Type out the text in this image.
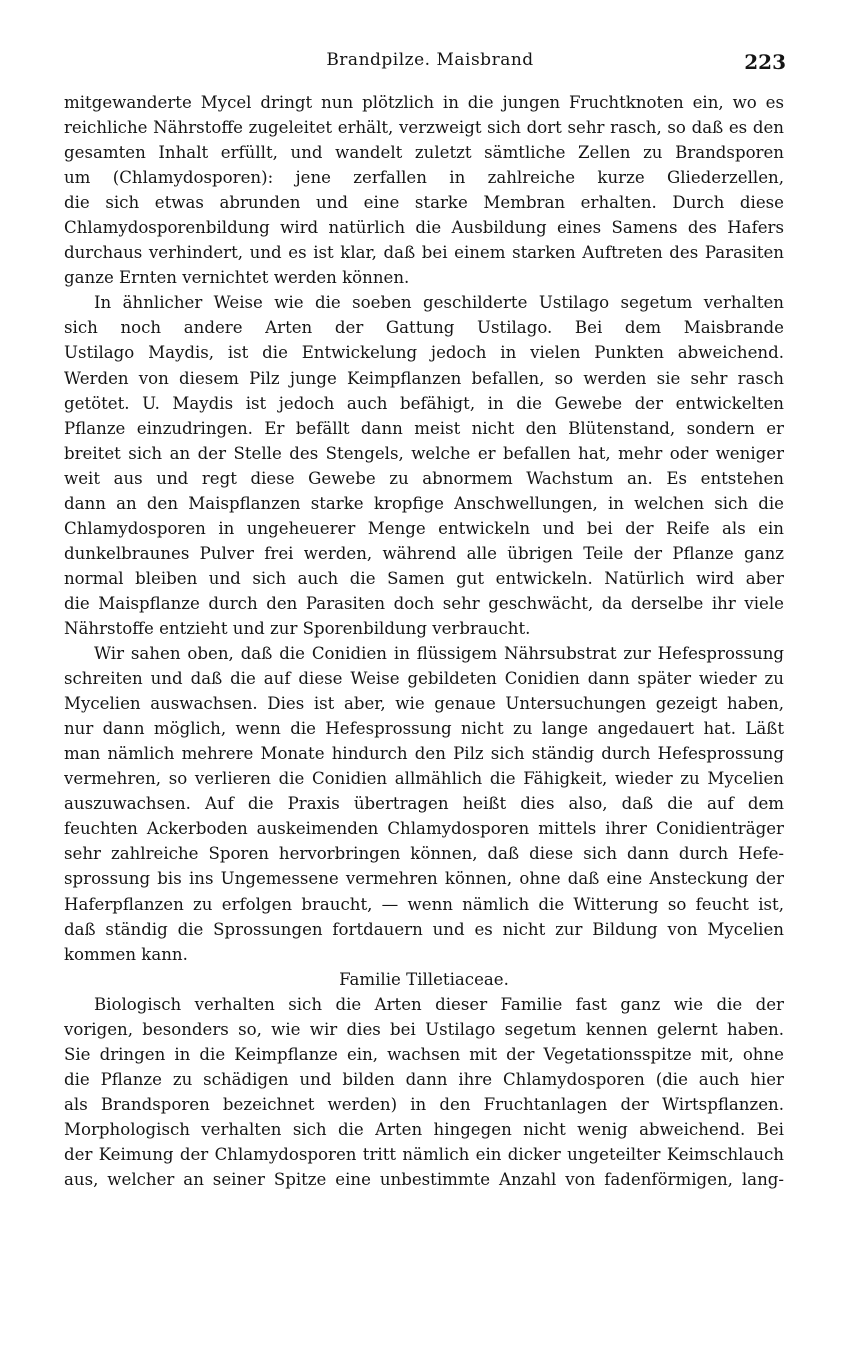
Brandpilze. Maisbrand	223
mitgewanderte Mycel dringt nun plötzlich in die jungen Fruchtknoten ein, wo es
reichliche Nährstoffe zugeleitet erhält, verzweigt sich dort sehr rasch, so daß es den
gesamten Inhalt erfüllt, und wandelt zuletzt sämtliche Zellen zu Brandsporen
um (Chlamydosporen): jene zerfallen in zahlreiche kurze Gliederzellen,
die sich etwas abrunden und eine starke Membran erhalten. Durch diese
Chlamydosporenbildung wird natürlich die Ausbildung eines Samens des Hafers
durchaus verhindert, und es ist klar, daß bei einem starken Auftreten des Parasiten
ganze Ernten vernichtet werden können.
In ähnlicher Weise wie die soeben geschilderte Ustilago segetum verhalten
sich noch andere Arten der Gattung Ustilago. Bei dem Maisbrande
Ustilago Maydis, ist die Entwickelung jedoch in vielen Punkten abweichend.
Werden von diesem Pilz junge Keimpflanzen befallen, so werden sie sehr rasch
getötet. U. Maydis ist jedoch auch befähigt, in die Gewebe der entwickelten
Pflanze einzudringen. Er befällt dann meist nicht den Blütenstand, sondern er
breitet sich an der Stelle des Stengels, welche er befallen hat, mehr oder weniger
weit aus und regt diese Gewebe zu abnormem Wachstum an. Es entstehen
dann an den Maispflanzen starke kropfige Anschwellungen, in welchen sich die
Chlamydosporen in ungeheuerer Menge entwickeln und bei der Reife als ein
dunkelbraunes Pulver frei werden, während alle übrigen Teile der Pflanze ganz
normal bleiben und sich auch die Samen gut entwickeln. Natürlich wird aber
die Maispflanze durch den Parasiten doch sehr geschwächt, da derselbe ihr viele
Nährstoffe entzieht und zur Sporenbildung verbraucht.
Wir sahen oben, daß die Conidien in flüssigem Nährsubstrat zur Hefesprossung
schreiten und daß die auf diese Weise gebildeten Conidien dann später wieder zu
Mycelien auswachsen. Dies ist aber, wie genaue Untersuchungen gezeigt haben,
nur dann möglich, wenn die Hefesprossung nicht zu lange angedauert hat. Läßt
man nämlich mehrere Monate hindurch den Pilz sich ständig durch Hefesprossung
vermehren, so verlieren die Conidien allmählich die Fähigkeit, wieder zu Mycelien
auszuwachsen. Auf die Praxis übertragen heißt dies also, daß die auf dem
feuchten Ackerboden auskeimenden Chlamydosporen mittels ihrer Conidienträger
sehr zahlreiche Sporen hervorbringen können, daß diese sich dann durch Hefe-
sprossung bis ins Ungemessene vermehren können, ohne daß eine Ansteckung der
Haferpflanzen zu erfolgen braucht, — wenn nämlich die Witterung so feucht ist,
daß ständig die Sprossungen fortdauern und es nicht zur Bildung von Mycelien
kommen kann.
Familie Tilletiaceae.
Biologisch verhalten sich die Arten dieser Familie fast ganz wie die der
vorigen, besonders so, wie wir dies bei Ustilago segetum kennen gelernt haben.
Sie dringen in die Keimpflanze ein, wachsen mit der Vegetationsspitze mit, ohne
die Pflanze zu schädigen und bilden dann ihre Chlamydosporen (die auch hier
als Brandsporen bezeichnet werden) in den Fruchtanlagen der Wirtspflanzen.
Morphologisch verhalten sich die Arten hingegen nicht wenig abweichend. Bei
der Keimung der Chlamydosporen tritt nämlich ein dicker ungeteilter Keimschlauch
aus, welcher an seiner Spitze eine unbestimmte Anzahl von fadenförmigen, lang-
